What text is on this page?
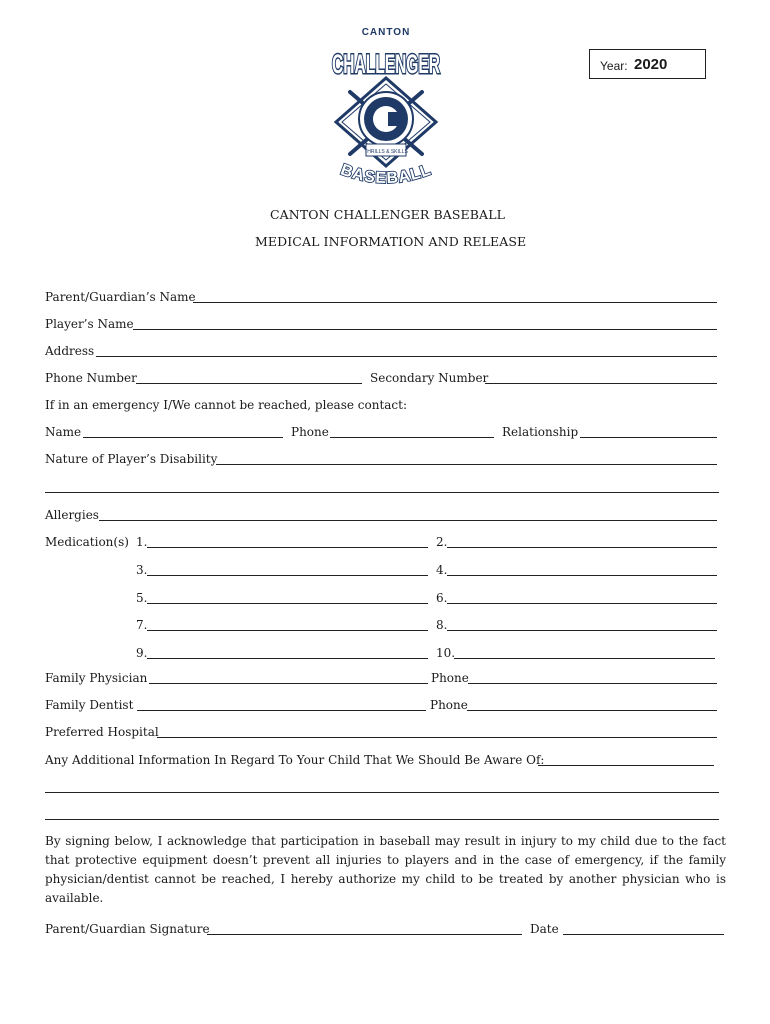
CANTON
CHALLENGER
THRILLS & SKILLS
BASEBALL
Year: 2020
CANTON CHALLENGER BASEBALL
MEDICAL INFORMATION AND RELEASE
Parent/Guardian’s Name
Player’s Name
Address
Phone Number	Secondary Number
If in an emergency I/We cannot be reached, please contact:
Name	Phone	Relationship
Nature of Player’s Disability
Allergies
Medication(s) 1.	2.
3.	4.
5.	6.
7.	8.
9.	10.
Family Physician	Phone
Family Dentist	Phone
Preferred Hospital
Any Additional Information In Regard To Your Child That We Should Be Aware Of:
By signing below, I acknowledge that participation in baseball may result in injury to my child due to the fact that protective equipment doesn’t prevent all injuries to players and in the case of emergency, if the family physician/dentist cannot be reached, I hereby authorize my child to be treated by another physician who is available.
Parent/Guardian Signature	Date
